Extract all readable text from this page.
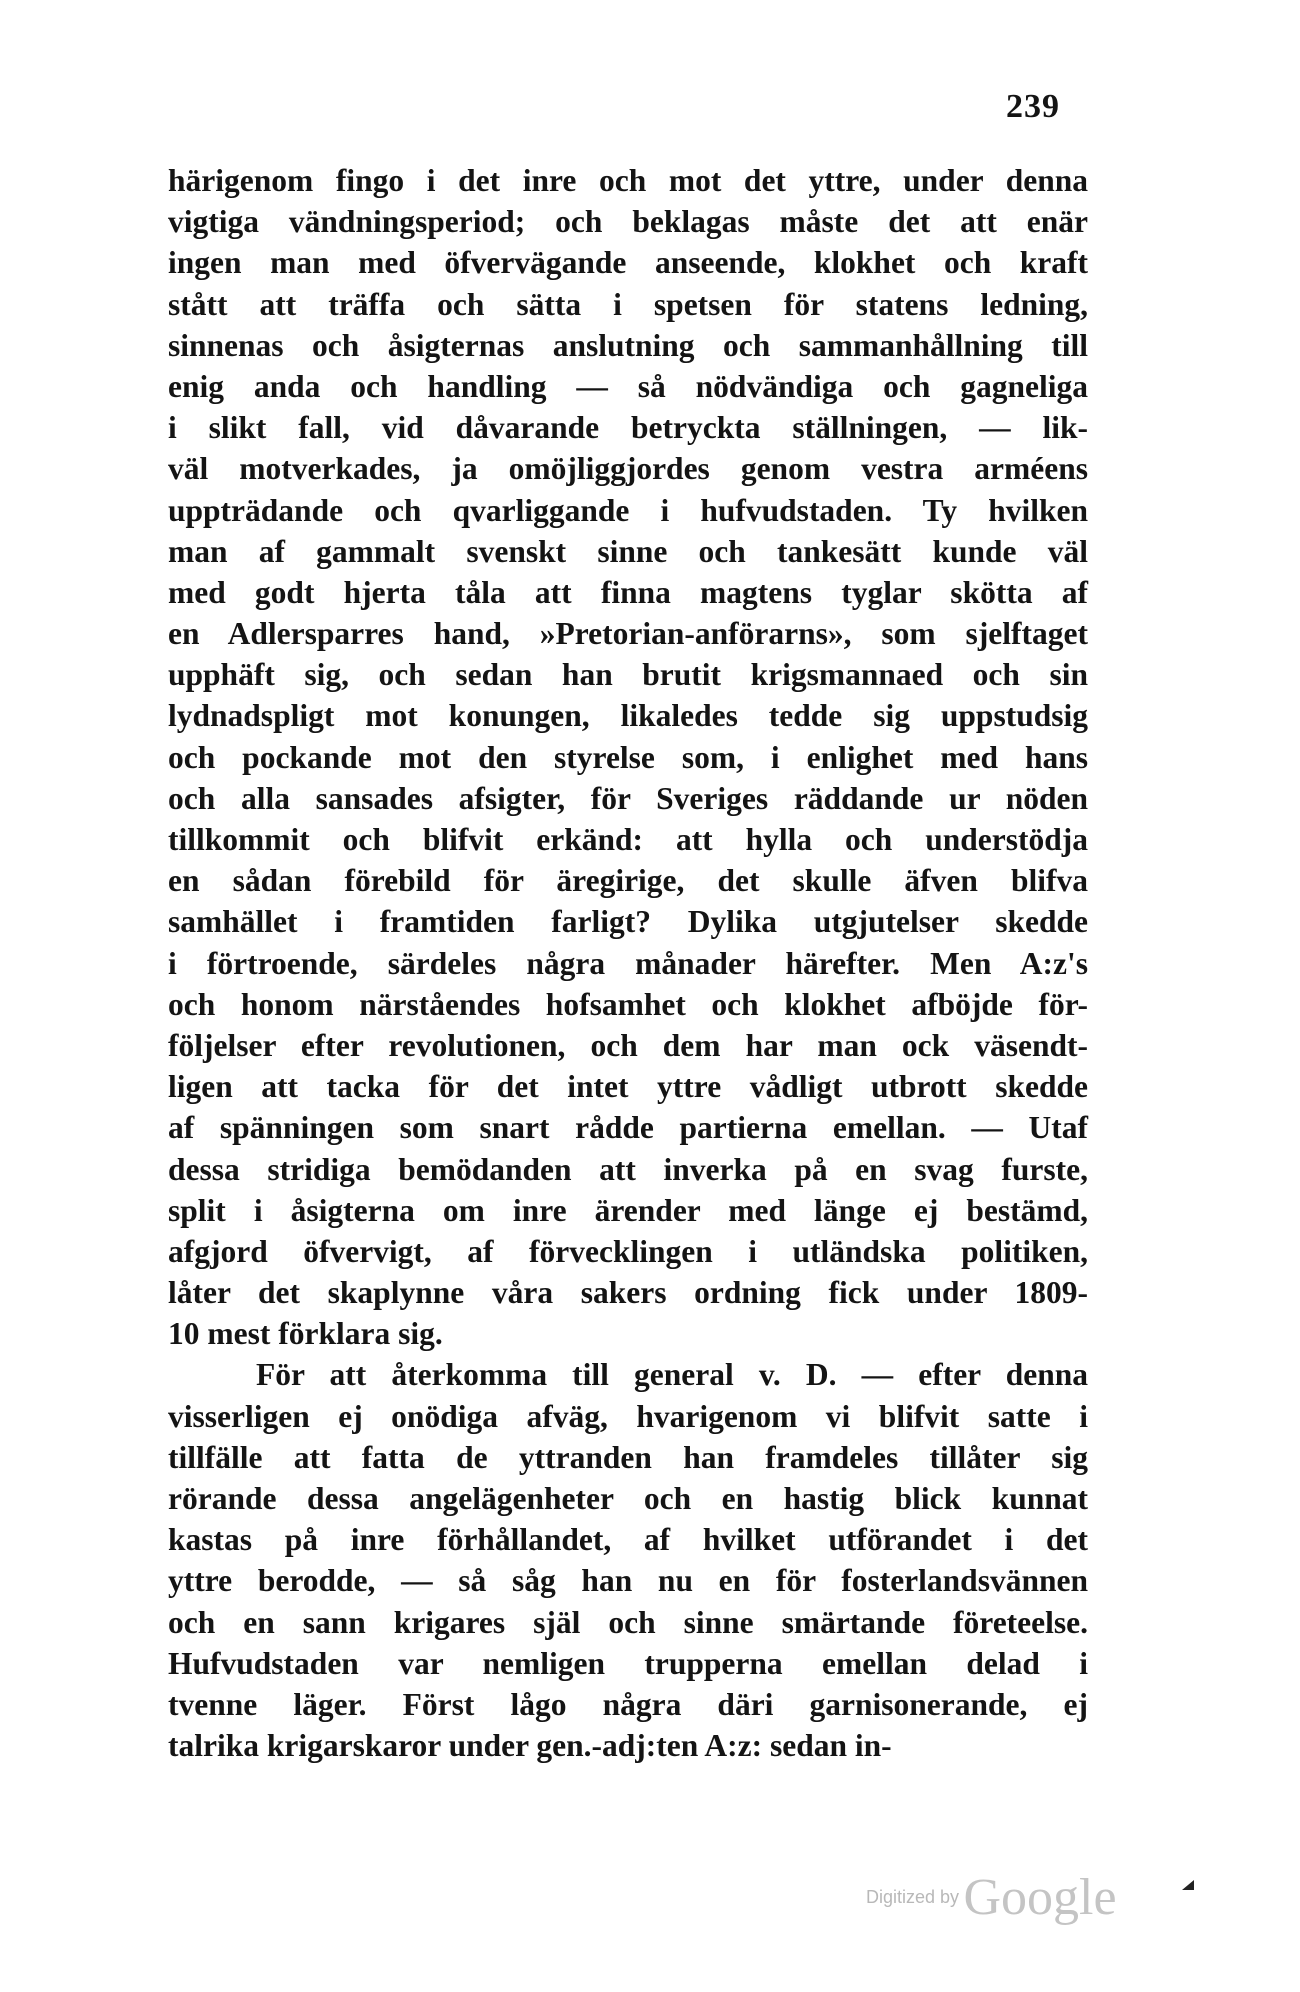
239
härigenom fingo i det inre och mot det yttre, under denna
vigtiga vändningsperiod; och beklagas måste det att enär
ingen man med öfvervägande anseende, klokhet och kraft
stått att träffa och sätta i spetsen för statens ledning,
sinnenas och åsigternas anslutning och sammanhållning till
enig anda och handling — så nödvändiga och gagneliga
i slikt fall, vid dåvarande betryckta ställningen, — lik-
väl motverkades, ja omöjliggjordes genom vestra arméens
uppträdande och qvarliggande i hufvudstaden. Ty hvilken
man af gammalt svenskt sinne och tankesätt kunde väl
med godt hjerta tåla att finna magtens tyglar skötta af
en Adlersparres hand, »Pretorian-anförarns», som sjelftaget
upphäft sig, och sedan han brutit krigsmannaed och sin
lydnadspligt mot konungen, likaledes tedde sig uppstudsig
och pockande mot den styrelse som, i enlighet med hans
och alla sansades afsigter, för Sveriges räddande ur nöden
tillkommit och blifvit erkänd: att hylla och understödja
en sådan förebild för äregirige, det skulle äfven blifva
samhället i framtiden farligt? Dylika utgjutelser skedde
i förtroende, särdeles några månader härefter. Men A:z's
och honom närståendes hofsamhet och klokhet afböjde för-
följelser efter revolutionen, och dem har man ock väsendt-
ligen att tacka för det intet yttre vådligt utbrott skedde
af spänningen som snart rådde partierna emellan. — Utaf
dessa stridiga bemödanden att inverka på en svag furste,
split i åsigterna om inre ärender med länge ej bestämd,
afgjord öfvervigt, af förvecklingen i utländska politiken,
låter det skaplynne våra sakers ordning fick under 1809-
10 mest förklara sig.
För att återkomma till general v. D. — efter denna
visserligen ej onödiga afväg, hvarigenom vi blifvit satte i
tillfälle att fatta de yttranden han framdeles tillåter sig
rörande dessa angelägenheter och en hastig blick kunnat
kastas på inre förhållandet, af hvilket utförandet i det
yttre berodde, — så såg han nu en för fosterlandsvännen
och en sann krigares själ och sinne smärtande företeelse.
Hufvudstaden var nemligen trupperna emellan delad i
tvenne läger. Först lågo några däri garnisonerande, ej
talrika krigarskaror under gen.-adj:ten A:z: sedan in-
Digitized by Google
